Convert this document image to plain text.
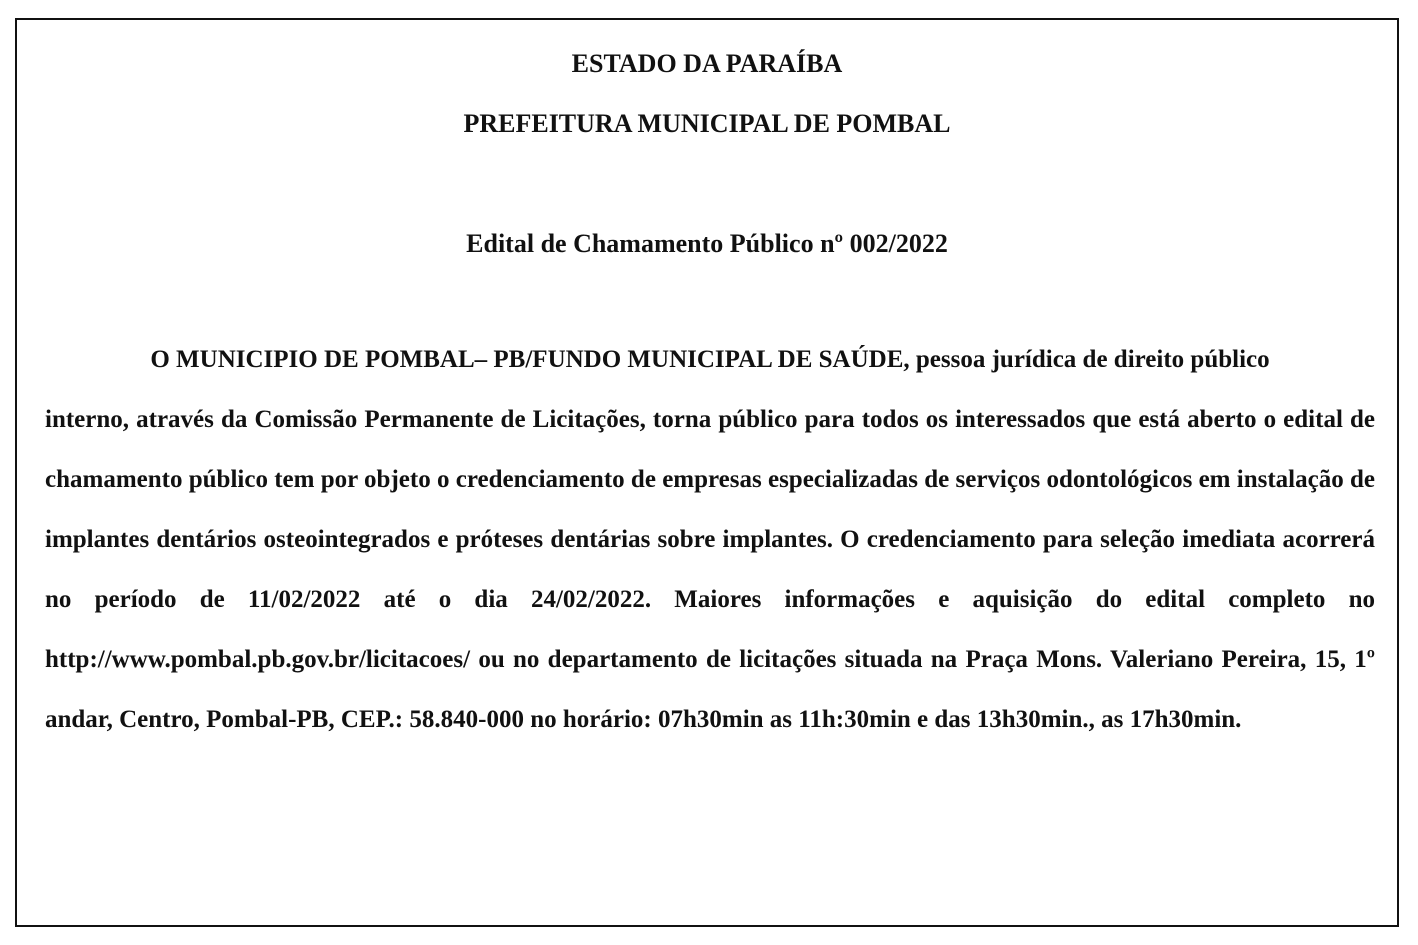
ESTADO DA PARAÍBA
PREFEITURA MUNICIPAL DE POMBAL
Edital de Chamamento Público nº 002/2022
O MUNICIPIO DE POMBAL– PB/FUNDO MUNICIPAL DE SAÚDE, pessoa jurídica de direito público
interno, através da Comissão Permanente de Licitações, torna público para todos os interessados que está aberto o edital de chamamento público tem por objeto o credenciamento de empresas especializadas de serviços odontológicos em instalação de implantes dentários osteointegrados e próteses dentárias sobre implantes. O credenciamento para seleção imediata acorrerá no período de 11/02/2022 até o dia 24/02/2022. Maiores informações e aquisição do edital completo no http://www.pombal.pb.gov.br/licitacoes/ ou no departamento de licitações situada na Praça Mons. Valeriano Pereira, 15, 1º andar, Centro, Pombal-PB, CEP.: 58.840-000 no horário: 07h30min as 11h:30min e das 13h30min., as 17h30min.
